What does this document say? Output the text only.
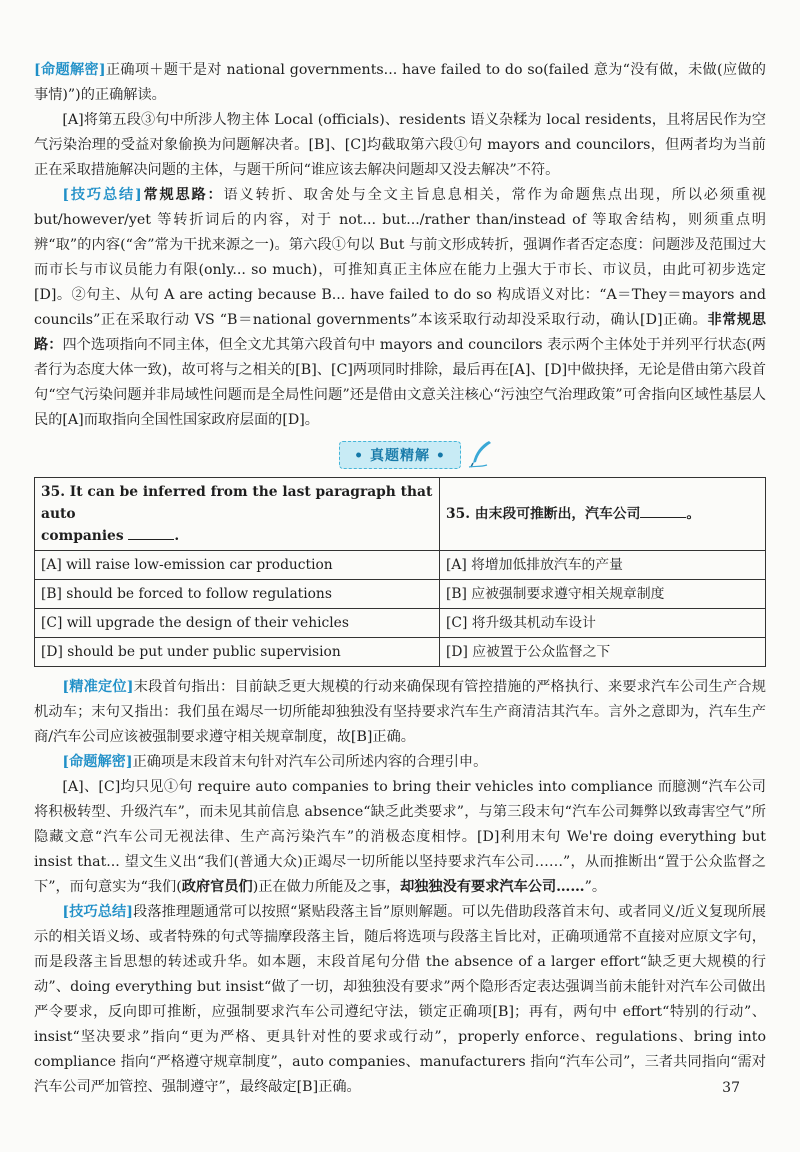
[ 命题解密 ] 正确项＋题干是对 national governments... have failed to do so(failed 意为“没有做，未做(应做的事情)”)的正确解读。

[A]将第五段③句中所涉人物主体 Local (officials)、residents 语义杂糅为 local residents，且将居民作为空气污染治理的受益对象偷换为问题解决者。[B]、[C]均截取第六段①句 mayors and councilors，但两者均为当前正在采取措施解决问题的主体，与题干所问“谁应该去解决问题却又没去解决”不符。

[ 技巧总结 ] 常规思路：语义转折、取舍处与全文主旨息息相关，常作为命题焦点出现，所以必须重视 but/however/yet 等转折词后的内容，对于 not... but.../rather than/instead of 等取舍结构，则须重点明辨“取”的内容(“舍”常为干扰来源之一)。第六段①句以 But 与前文形成转折，强调作者否定态度：问题涉及范围过大而市长与市议员能力有限(only... so much)，可推知真正主体应在能力上强大于市长、市议员，由此可初步选定[D]。②句主、从句 A are acting because B... have failed to do so 构成语义对比：“A＝They＝mayors and councils”正在采取行动 VS “B＝national governments”本该采取行动却没采取行动，确认[D]正确。非常规思路：四个选项指向不同主体，但全文尤其第六段首句中 mayors and councilors 表示两个主体处于并列平行状态(两者行为态度大体一致)，故可将与之相关的[B]、[C]两项同时排除，最后再在[A]、[D]中做抉择，无论是借由第六段首句“空气污染问题并非局域性问题而是全局性问题”还是借由文意关注核心“污浊空气治理政策”可舍指向区域性基层人民的[A]而取指向全国性国家政府层面的[D]。

• 真题精解 •
35. It can be inferred from the last paragraph that auto
companies .	35. 由末段可推断出，汽车公司 。
[A] will raise low-emission car production	[A] 将增加低排放汽车的产量
[B] should be forced to follow regulations	[B] 应被强制要求遵守相关规章制度
[C] will upgrade the design of their vehicles	[C] 将升级其机动车设计
[D] should be put under public supervision	[D] 应被置于公众监督之下

[ 精准定位 ] 末段首句指出：目前缺乏更大规模的行动来确保现有管控措施的严格执行、来要求汽车公司生产合规机动车；末句又指出：我们虽在竭尽一切所能却独独没有坚持要求汽车生产商清洁其汽车。言外之意即为，汽车生产商/汽车公司应该被强制要求遵守相关规章制度，故[B]正确。

[ 命题解密 ] 正确项是末段首末句针对汽车公司所述内容的合理引申。

[A]、[C]均只见①句 require auto companies to bring their vehicles into compliance 而臆测“汽车公司将积极转型、升级汽车”，而未见其前信息 absence“缺乏此类要求”，与第三段末句“汽车公司舞弊以致毒害空气”所隐藏文意“汽车公司无视法律、生产高污染汽车”的消极态度相悖。[D]利用末句 We're doing everything but insist that... 望文生义出“我们(普通大众)正竭尽一切所能以坚持要求汽车公司……”，从而推断出“置于公众监督之下”，而句意实为“我们(政府官员们)正在做力所能及之事，却独独没有要求汽车公司……”。

[ 技巧总结 ] 段落推理题通常可以按照“紧贴段落主旨”原则解题。可以先借助段落首末句、或者同义/近义复现所展示的相关语义场、或者特殊的句式等揣摩段落主旨，随后将选项与段落主旨比对，正确项通常不直接对应原文字句，而是段落主旨思想的转述或升华。如本题，末段首尾句分借 the absence of a larger effort“缺乏更大规模的行动”、doing everything but insist“做了一切，却独独没有要求”两个隐形否定表达强调当前未能针对汽车公司做出严令要求，反向即可推断，应强制要求汽车公司遵纪守法，锁定正确项[B]；再有，两句中 effort“特别的行动”、insist“坚决要求”指向“更为严格、更具针对性的要求或行动”，properly enforce、regulations、bring into compliance 指向“严格遵守规章制度”，auto companies、manufacturers 指向“汽车公司”，三者共同指向“需对汽车公司严加管控、强制遵守”，最终敲定[B]正确。	37
